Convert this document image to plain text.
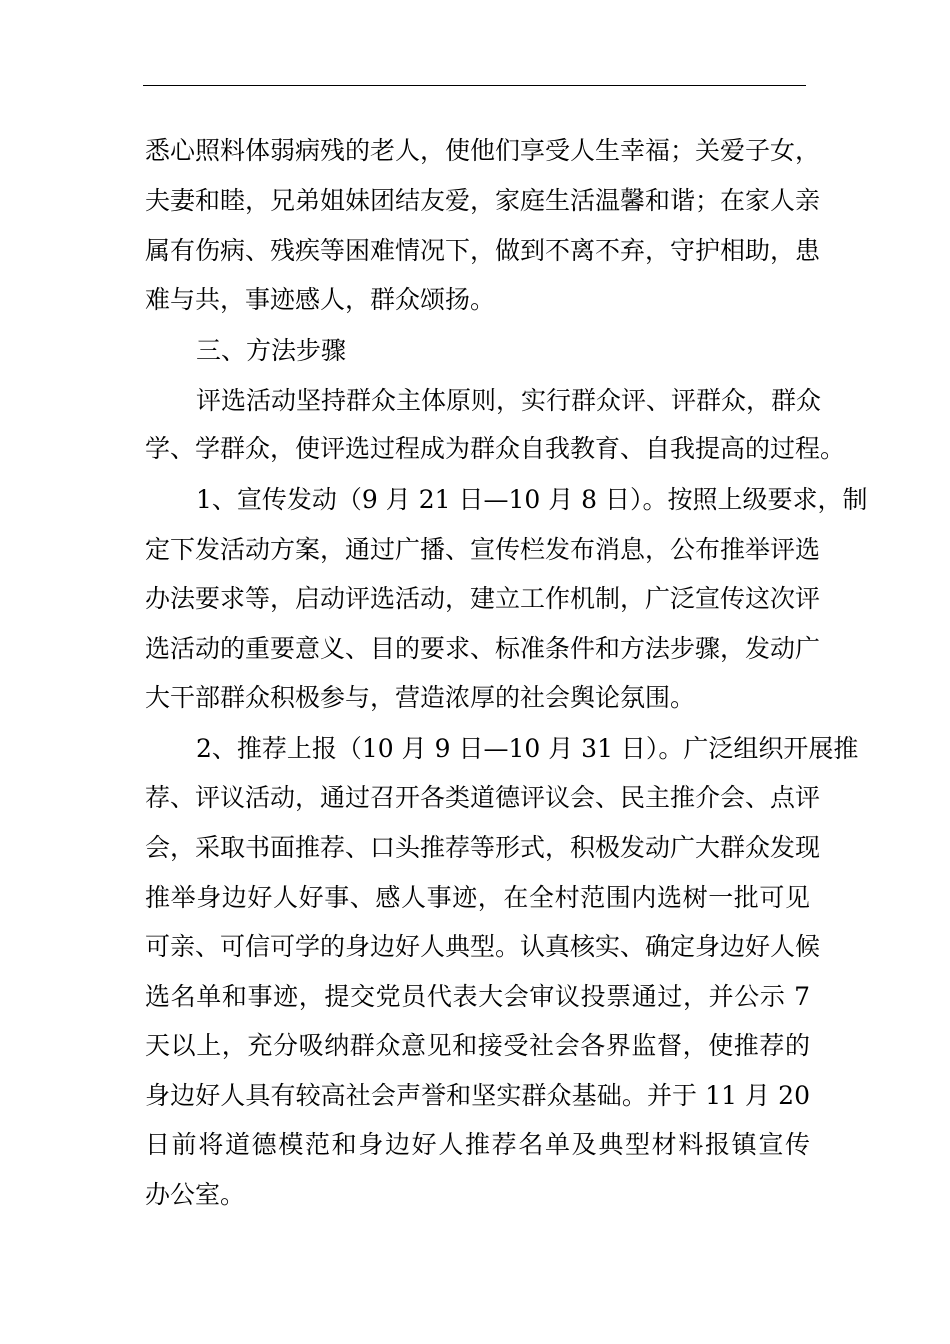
悉心照料体弱病残的老人，使他们享受人生幸福；关爱子女，
夫妻和睦，兄弟姐妹团结友爱，家庭生活温馨和谐；在家人亲
属有伤病、残疾等困难情况下，做到不离不弃，守护相助，患
难与共，事迹感人，群众颂扬。
三、方法步骤
评选活动坚持群众主体原则，实行群众评、评群众，群众
学、学群众，使评选过程成为群众自我教育、自我提高的过程。
1、宣传发动（9 月 21 日—10 月 8 日）。按照上级要求，制
定下发活动方案，通过广播、宣传栏发布消息，公布推举评选
办法要求等，启动评选活动，建立工作机制，广泛宣传这次评
选活动的重要意义、目的要求、标准条件和方法步骤，发动广
大干部群众积极参与，营造浓厚的社会舆论氛围。
2、推荐上报（10 月 9 日—10 月 31 日）。广泛组织开展推
荐、评议活动，通过召开各类道德评议会、民主推介会、点评
会，采取书面推荐、口头推荐等形式，积极发动广大群众发现
推举身边好人好事、感人事迹，在全村范围内选树一批可见
可亲、可信可学的身边好人典型。认真核实、确定身边好人候
选名单和事迹，提交党员代表大会审议投票通过，并公示 7
天以上，充分吸纳群众意见和接受社会各界监督，使推荐的
身边好人具有较高社会声誉和坚实群众基础。并于 11 月 20
日前将道德模范和身边好人推荐名单及典型材料报镇宣传
办公室。
